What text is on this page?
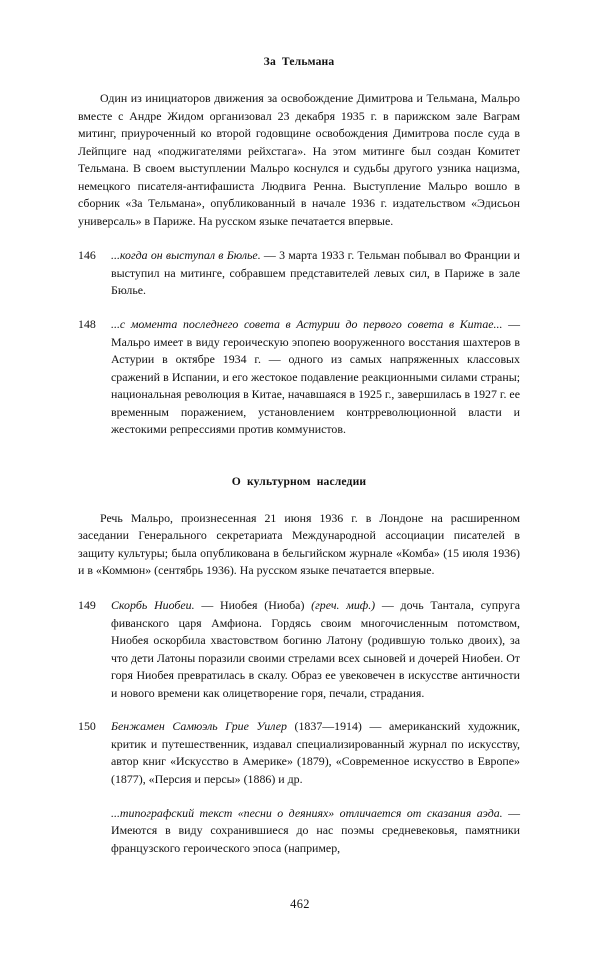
За Тельмана

Один из инициаторов движения за освобождение Димитрова и Тельмана, Мальро вместе с Андре Жидом организовал 23 декабря 1935 г. в парижском зале Ваграм митинг, приуроченный ко второй годовщине освобождения Димитрова после суда в Лейпциге над «поджигателями рейхстага». На этом митинге был создан Комитет Тельмана. В своем выступлении Мальро коснулся и судьбы другого узника нацизма, немецкого писателя-антифашиста Людвига Ренна. Выступление Мальро вошло в сборник «За Тельмана», опубликованный в начале 1936 г. издательством «Эдисьон универсаль» в Париже. На русском языке печатается впервые.

146	...когда он выступал в Бюлье. — 3 марта 1933 г. Тельман побывал во Франции и выступил на митинге, собравшем представителей левых сил, в Париже в зале Бюлье.
148	...с момента последнего совета в Астурии до первого совета в Китае... — Мальро имеет в виду героическую эпопею вооруженного восстания шахтеров в Астурии в октябре 1934 г. — одного из самых напряженных классовых сражений в Испании, и его жестокое подавление реакционными силами страны; национальная революция в Китае, начавшаяся в 1925 г., завершилась в 1927 г. ее временным поражением, установлением контрреволюционной власти и жестокими репрессиями против коммунистов.
О культурном наследии

Речь Мальро, произнесенная 21 июня 1936 г. в Лондоне на расширенном заседании Генерального секретариата Международной ассоциации писателей в защиту культуры; была опубликована в бельгийском журнале «Комба» (15 июля 1936) и в «Коммюн» (сентябрь 1936). На русском языке печатается впервые.

149	Скорбь Ниобеи. — Ниобея (Ниоба) (греч. миф.) — дочь Тантала, супруга фиванского царя Амфиона. Гордясь своим многочисленным потомством, Ниобея оскорбила хвастовством богиню Латону (родившую только двоих), за что дети Латоны поразили своими стрелами всех сыновей и дочерей Ниобеи. От горя Ниобея превратилась в скалу. Образ ее увековечен в искусстве античности и нового времени как олицетворение горя, печали, страдания.
150	Бенжамен Самюэль Грие Уилер (1837—1914) — американский художник, критик и путешественник, издавал специализированный журнал по искусству, автор книг «Искусство в Америке» (1879), «Современное искусство в Европе» (1877), «Персия и персы» (1886) и др.

...типографский текст «песни о деяниях» отличается от сказания аэда. — Имеются в виду сохранившиеся до нас поэмы средневековья, памятники французского героического эпоса (например,

462
